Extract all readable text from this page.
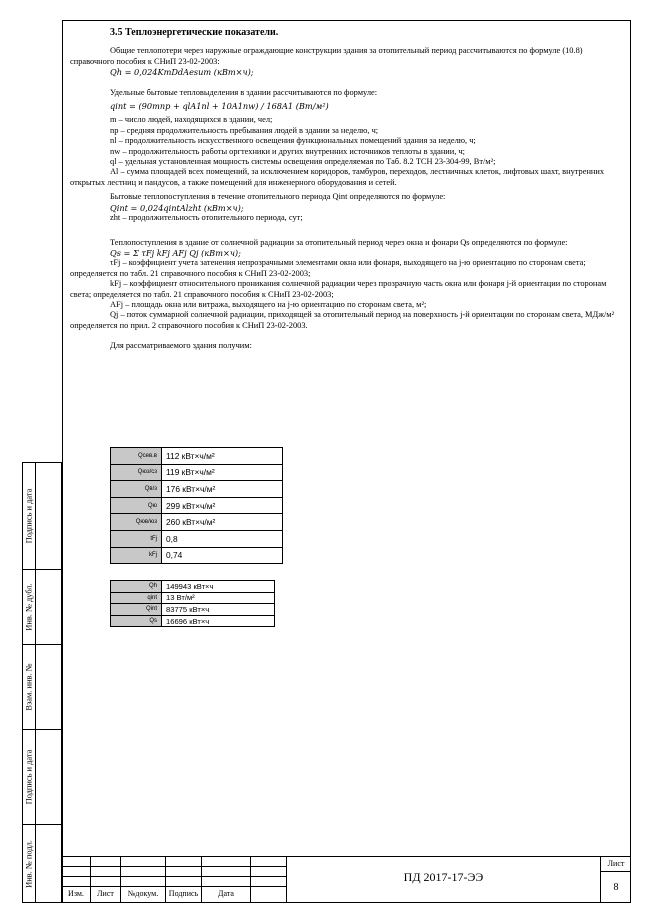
3.5 Теплоэнергетические показатели.

Общие теплопотери через наружные ограждающие конструкции здания за отопительный период рассчитываются по формуле (10.8) справочного пособия к СНиП 23-02-2003:

Qh = 0,024KmDdAesum (кВт×ч);

Удельные бытовые тепловыделения в здании рассчитываются по формуле:

qint = (90mnp + qlA1nl + 10A1nw) / 168A1 (Вт/м²)

m – число людей, находящихся в здании, чел;

np – средняя продолжительность пребывания людей в здании за неделю, ч;

nl – продолжительность искусственного освещения функциональных помещений здания за неделю, ч;

nw – продолжительность работы оргтехники и других внутренних источников теплоты в здании, ч;

ql – удельная установленная мощность системы освещения определяемая по Таб. 8.2 ТСН 23-304-99, Вт/м²;

Al – сумма площадей всех помещений, за исключением коридоров, тамбуров, переходов, лестничных клеток, лифтовых шахт, внутренних открытых лестниц и пандусов, а также помещений для инженерного оборудования и сетей.

Бытовые теплопоступления в течение отопительного периода Qint определяются по формуле:

Qint = 0,024qintAlzht (кВт×ч);

zht – продолжительность отопительного периода, сут;

Теплопоступления в здание от солнечной радиации за отопительный период через окна и фонари Qs определяются по формуле:

Qs = Σ τFj kFj AFj Qj (кВт×ч);

τFj – коэффициент учета затенения непрозрачными элементами окна или фонаря, выходящего на j-ю ориентацию по сторонам света; определяется по табл. 21 справочного пособия к СНиП 23-02-2003;

kFj – коэффициент относительного проникания солнечной радиации через прозрачную часть окна или фонаря j-й ориентации по сторонам света; определяется по табл. 21 справочного пособия к СНиП 23-02-2003;

AFj – площадь окна или витража, выходящего на j-ю ориентацию по сторонам света, м²;

Qj – поток суммарной солнечной радиации, приходящей за отопительный период на поверхность j-й ориентации по сторонам света, МДж/м² определяется по прил. 2 справочного пособия к СНиП 23-02-2003.

Для рассматриваемого здания получим:

Qсев.в	112 кВт×ч/м²
Qюз/сз	119 кВт×ч/м²
Qв/з	176 кВт×ч/м²
Qю	299 кВт×ч/м²
Qюв/юз	260 кВт×ч/м²
tFj	0,8
kFj	0,74
Qh	149943 кВт×ч
qint	13 Вт/м²
Qint	83775 кВт×ч
Qs	16696 кВт×ч
Подпись и дата
Инв. № дубл.
Взам. инв. №
Подпись и дата
Инв. № подл.
Изм.	Лист	№докум.	Подпись	Дата
ПД 2017-17-ЭЭ
Лист
8
